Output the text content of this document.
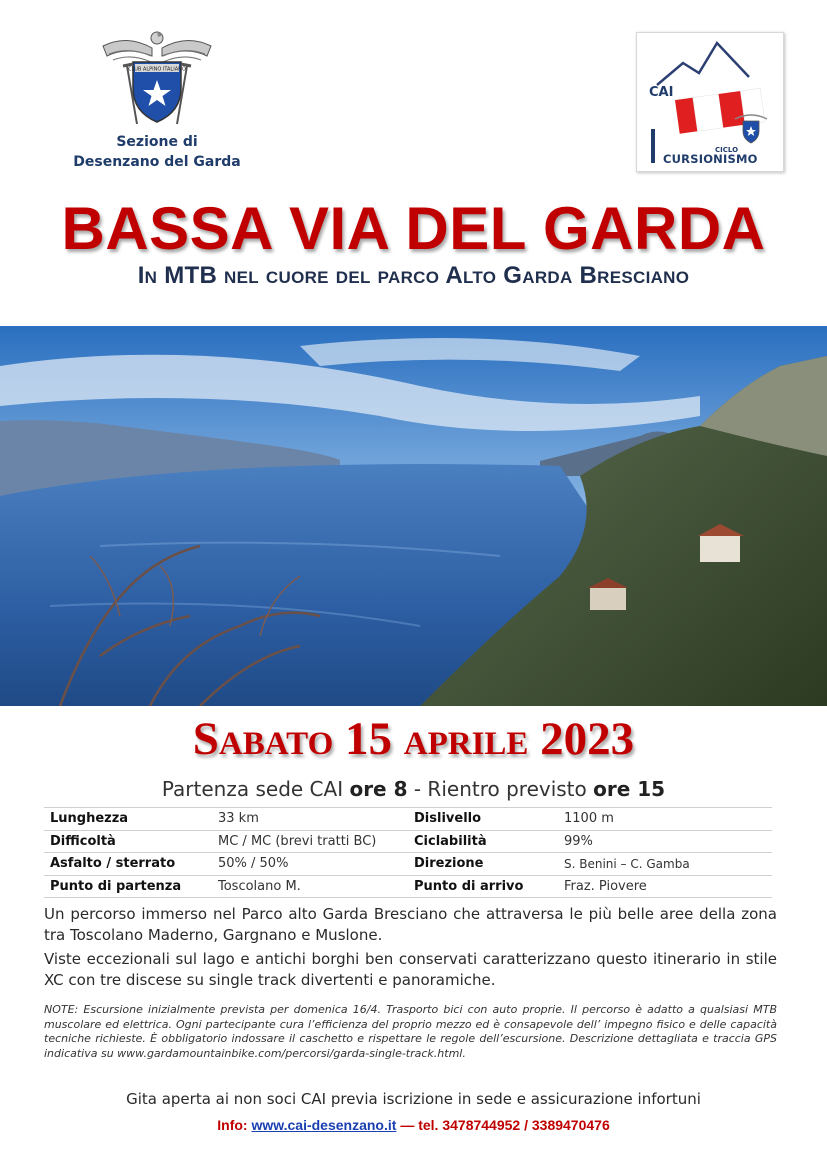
CLUB ALPINO ITALIANO
Sezione di
Desenzano del Garda
CAI
CICLO
CURSIONISMO
BASSA VIA DEL GARDA
In MTB nel cuore del parco Alto Garda Bresciano
Sabato 15 aprile 2023
Partenza sede CAI ore 8 - Rientro previsto ore 15
Lunghezza	33 km	Dislivello	1100 m
Difficoltà	MC / MC (brevi tratti BC)	Ciclabilità	99%
Asfalto / sterrato	50% / 50%	Direzione	S. Benini – C. Gamba
Punto di partenza	Toscolano M.	Punto di arrivo	Fraz. Piovere

Un percorso immerso nel Parco alto Garda Bresciano che attraversa le più belle aree della zona tra Toscolano Maderno, Gargnano e Muslone.

Viste eccezionali sul lago e antichi borghi ben conservati caratterizzano questo itinerario in stile XC con tre discese su single track divertenti e panoramiche.

NOTE: Escursione inizialmente prevista per domenica 16/4. Trasporto bici con auto proprie. Il percorso è adatto a qualsiasi MTB muscolare ed elettrica. Ogni partecipante cura l’efficienza del proprio mezzo ed è consapevole dell’ impegno fisico e delle capacità tecniche richieste. È obbligatorio indossare il caschetto e rispettare le regole dell’escursione. Descrizione dettagliata e traccia GPS indicativa su www.gardamountainbike.com/percorsi/garda-single-track.html.

Gita aperta ai non soci CAI previa iscrizione in sede e assicurazione infortuni
Info: www.cai-desenzano.it — tel. 3478744952 / 3389470476
